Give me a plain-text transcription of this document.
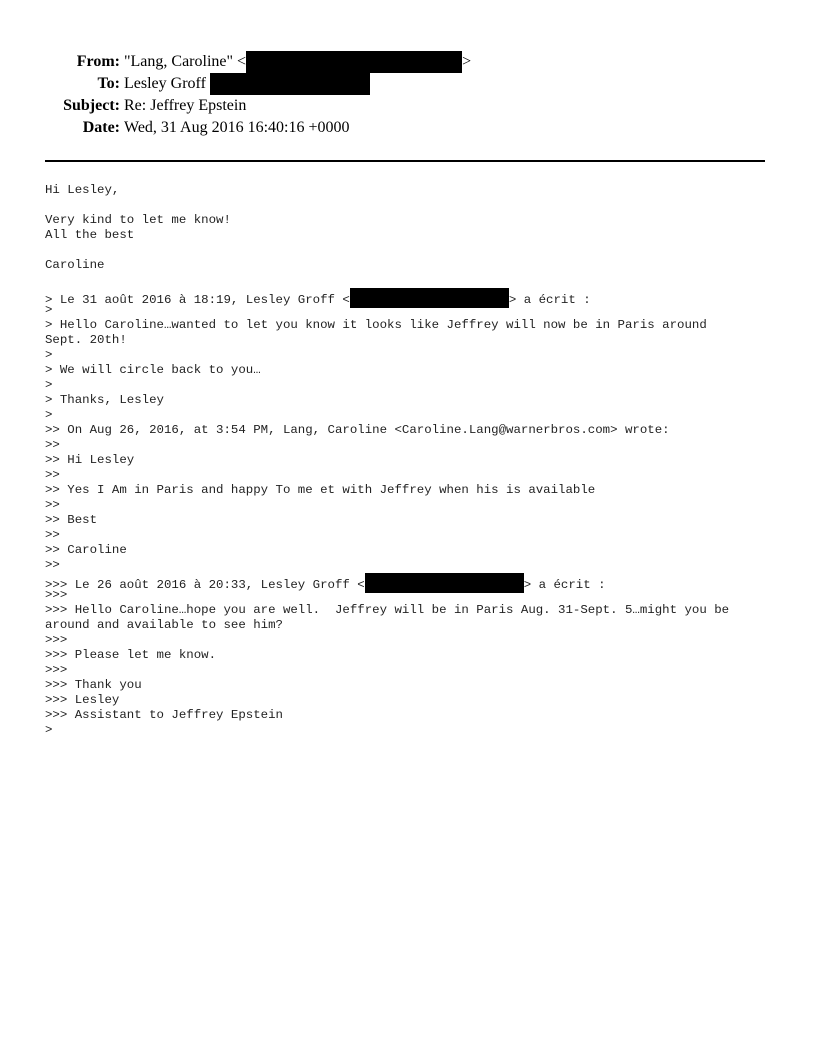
From: "Lang, Caroline" <	>
To: Lesley Groff
Subject: Re: Jeffrey Epstein
Date: Wed, 31 Aug 2016 16:40:16 +0000
Hi Lesley,
Very kind to let me know!
All the best
Caroline
> Le 31 août 2016 à 18:19, Lesley Groff <	> a écrit :
>
> Hello Caroline…wanted to let you know it looks like Jeffrey will now be in Paris around
Sept. 20th!
>
> We will circle back to you…
>
> Thanks, Lesley
>
>> On Aug 26, 2016, at 3:54 PM, Lang, Caroline <Caroline.Lang@warnerbros.com> wrote:
>>
>> Hi Lesley
>>
>> Yes I Am in Paris and happy To me et with Jeffrey when his is available
>>
>> Best
>>
>> Caroline
>>
>>> Le 26 août 2016 à 20:33, Lesley Groff <	> a écrit :
>>>
>>> Hello Caroline…hope you are well.  Jeffrey will be in Paris Aug. 31-Sept. 5…might you be
around and available to see him?
>>>
>>> Please let me know.
>>>
>>> Thank you
>>> Lesley
>>> Assistant to Jeffrey Epstein
>
